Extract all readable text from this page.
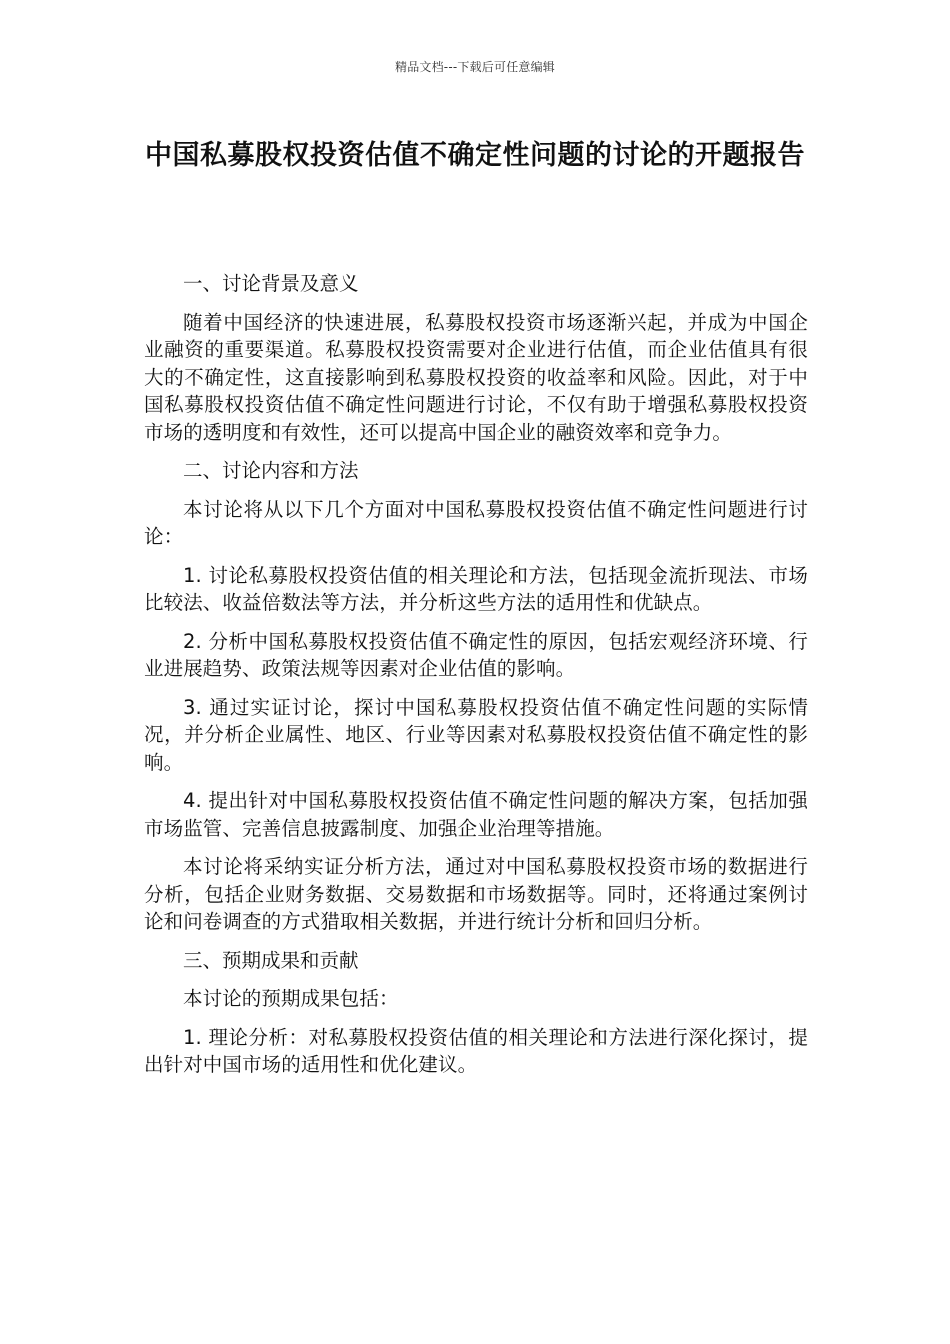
精品文档---下载后可任意编辑
中国私募股权投资估值不确定性问题的讨论的开题报告
一、讨论背景及意义

随着中国经济的快速进展，私募股权投资市场逐渐兴起，并成为中国企业融资的重要渠道。私募股权投资需要对企业进行估值，而企业估值具有很大的不确定性，这直接影响到私募股权投资的收益率和风险。因此，对于中国私募股权投资估值不确定性问题进行讨论，不仅有助于增强私募股权投资市场的透明度和有效性，还可以提高中国企业的融资效率和竞争力。

二、讨论内容和方法

本讨论将从以下几个方面对中国私募股权投资估值不确定性问题进行讨论：

1. 讨论私募股权投资估值的相关理论和方法，包括现金流折现法、市场比较法、收益倍数法等方法，并分析这些方法的适用性和优缺点。

2. 分析中国私募股权投资估值不确定性的原因，包括宏观经济环境、行业进展趋势、政策法规等因素对企业估值的影响。

3. 通过实证讨论，探讨中国私募股权投资估值不确定性问题的实际情况，并分析企业属性、地区、行业等因素对私募股权投资估值不确定性的影响。

4. 提出针对中国私募股权投资估值不确定性问题的解决方案，包括加强市场监管、完善信息披露制度、加强企业治理等措施。

本讨论将采纳实证分析方法，通过对中国私募股权投资市场的数据进行分析，包括企业财务数据、交易数据和市场数据等。同时，还将通过案例讨论和问卷调查的方式猎取相关数据，并进行统计分析和回归分析。

三、预期成果和贡献

本讨论的预期成果包括：

1. 理论分析：对私募股权投资估值的相关理论和方法进行深化探讨，提出针对中国市场的适用性和优化建议。
